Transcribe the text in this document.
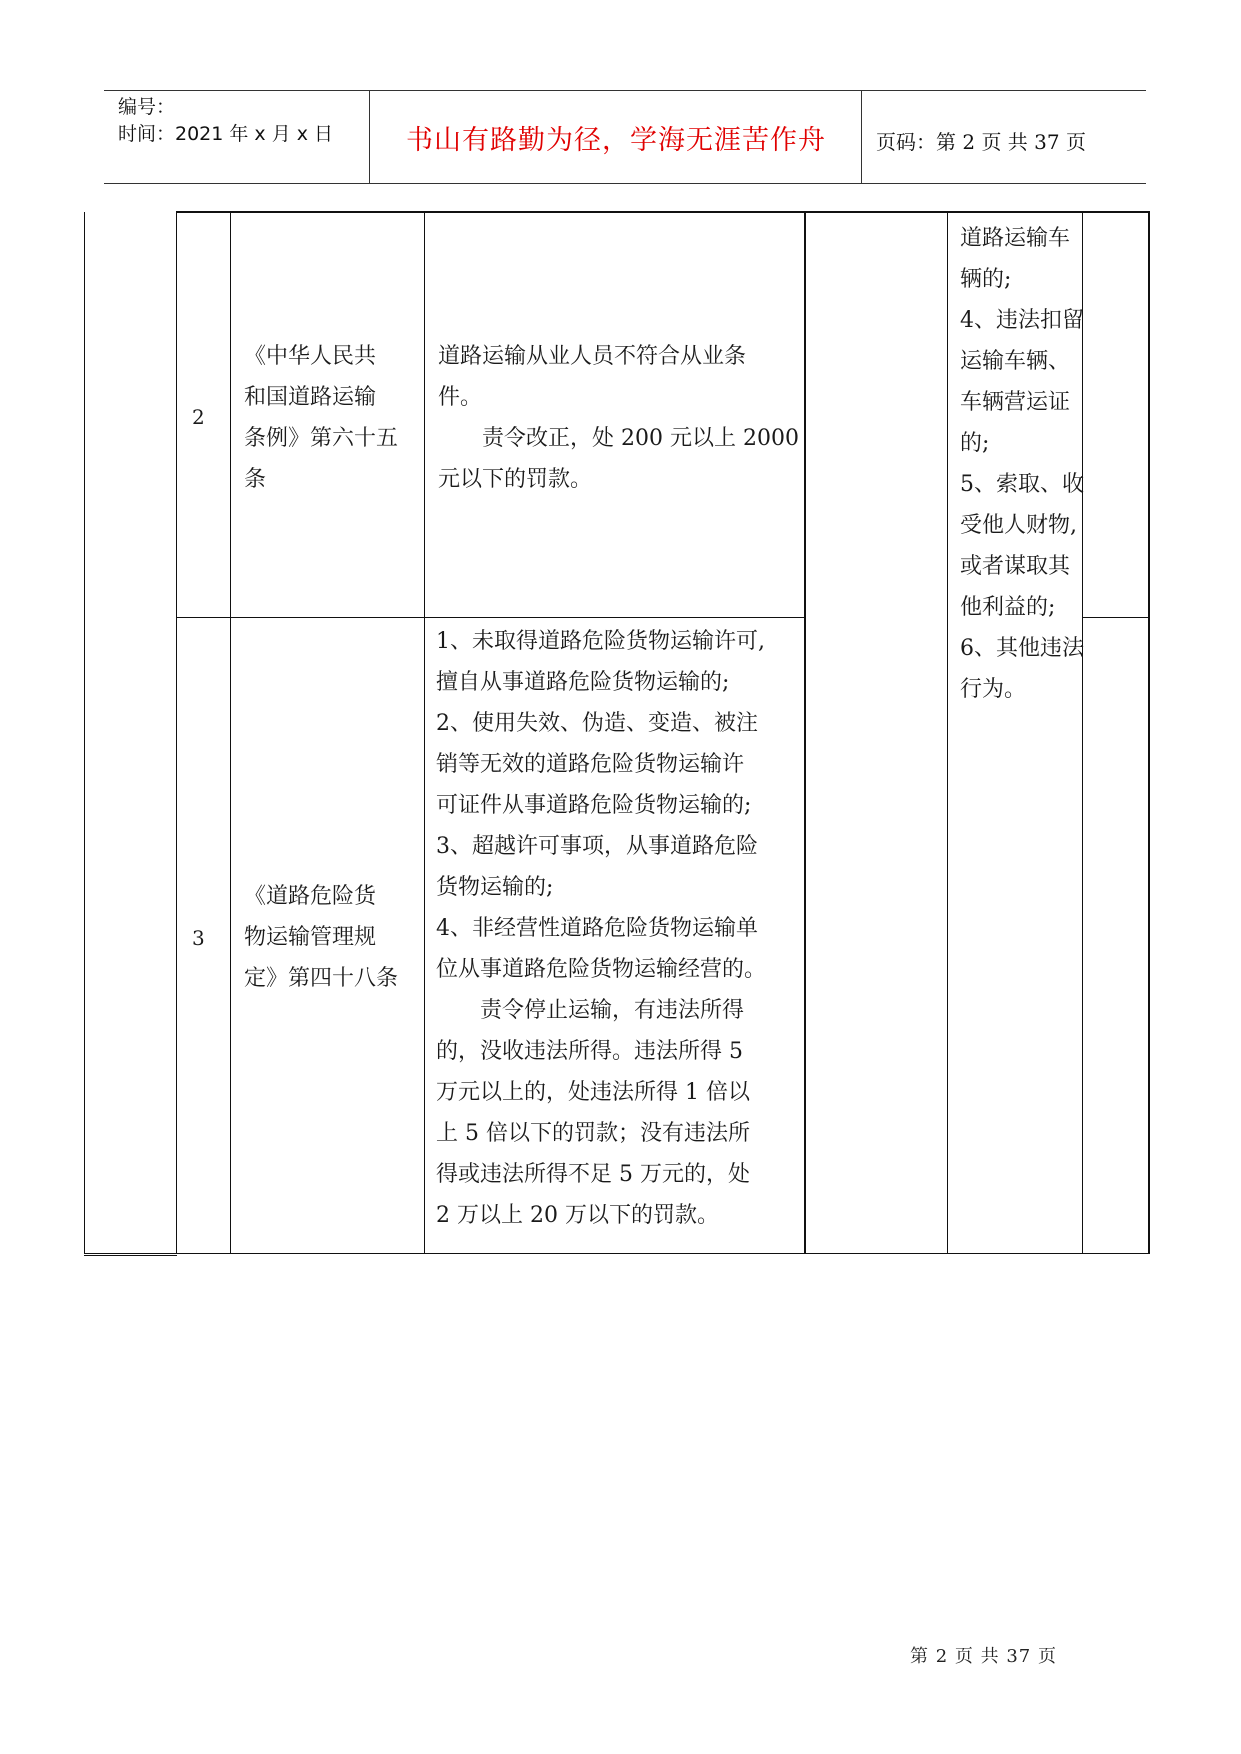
编号：
时间：2021 年 x 月 x 日	书山有路勤为径，学海无涯苦作舟	页码：第 2 页 共 37 页
2
《中华人民共
和国道路运输
条例》第六十五
条
道路运输从业人员不符合从业条
件。
责令改正，处 200 元以上 2000
元以下的罚款。
3
《道路危险货
物运输管理规
定》第四十八条
1、未取得道路危险货物运输许可,
擅自从事道路危险货物运输的;
2、使用失效、伪造、变造、被注
销等无效的道路危险货物运输许
可证件从事道路危险货物运输的;
3、超越许可事项，从事道路危险
货物运输的;
4、非经营性道路危险货物运输单
位从事道路危险货物运输经营的。
责令停止运输，有违法所得
的，没收违法所得。违法所得 5
万元以上的，处违法所得 1 倍以
上 5 倍以下的罚款；没有违法所
得或违法所得不足 5 万元的，处
2 万以上 20 万以下的罚款。
道路运输车
辆的;
4、违法扣留
运输车辆、
车辆营运证
的;
5、索取、收
受他人财物,
或者谋取其
他利益的;
6、其他违法
行为。
第 2 页 共 37 页
